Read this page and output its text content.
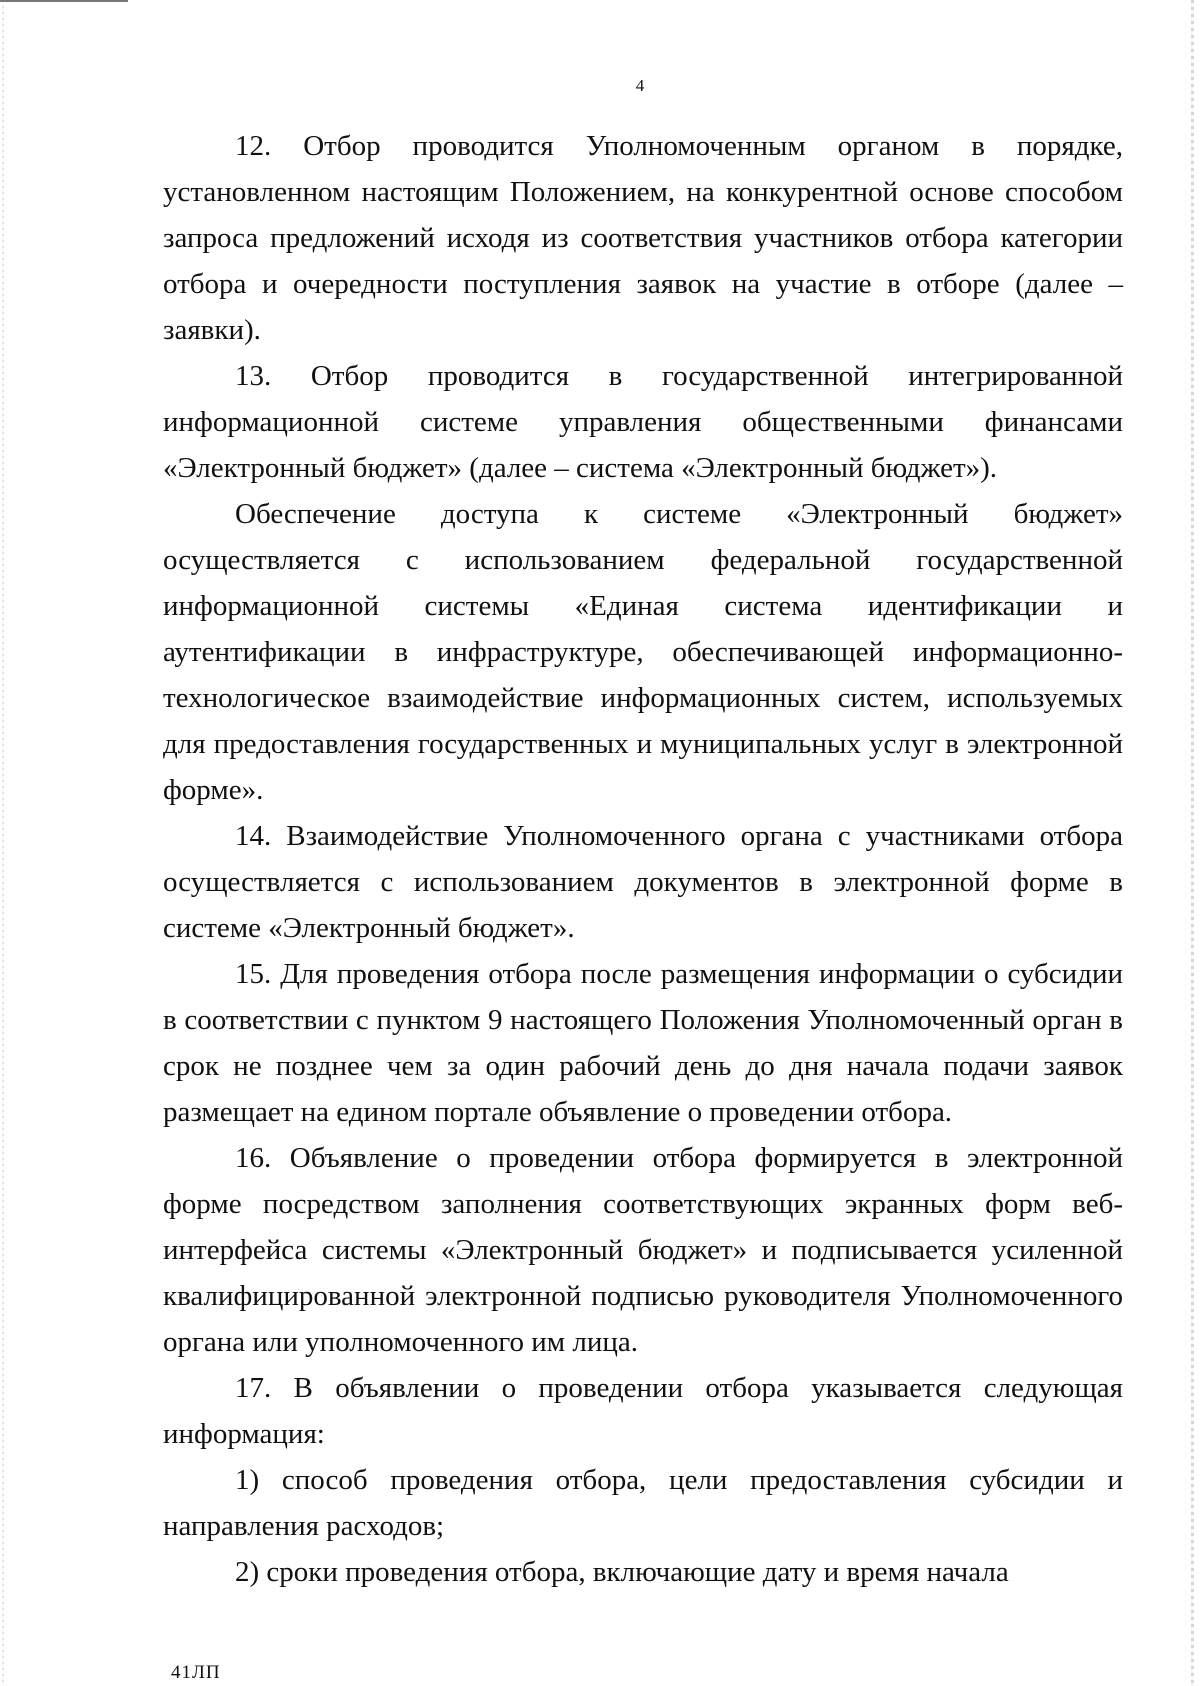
4

12. Отбор проводится Уполномоченным органом в порядке, установленном настоящим Положением, на конкурентной основе способом запроса предложений исходя из соответствия участников отбора категории отбора и очередности поступления заявок на участие в отборе (далее – заявки).

13. Отбор проводится в государственной интегрированной информационной системе управления общественными финансами «Электронный бюджет» (далее – система «Электронный бюджет»).

Обеспечение доступа к системе «Электронный бюджет» осуществляется с использованием федеральной государственной информационной системы «Единая система идентификации и аутентификации в инфраструктуре, обеспечивающей информационно-технологическое взаимодействие информационных систем, используемых для предоставления государственных и муниципальных услуг в электронной форме».

14. Взаимодействие Уполномоченного органа с участниками отбора осуществляется с использованием документов в электронной форме в системе «Электронный бюджет».

15. Для проведения отбора после размещения информации о субсидии в соответствии с пунктом 9 настоящего Положения Уполномоченный орган в срок не позднее чем за один рабочий день до дня начала подачи заявок размещает на едином портале объявление о проведении отбора.

16. Объявление о проведении отбора формируется в электронной форме посредством заполнения соответствующих экранных форм веб-интерфейса системы «Электронный бюджет» и подписывается усиленной квалифицированной электронной подписью руководителя Уполномоченного органа или уполномоченного им лица.

17. В объявлении о проведении отбора указывается следующая информация:

1) способ проведения отбора, цели предоставления субсидии и направления расходов;

2) сроки проведения отбора, включающие дату и время начала

41ЛП
